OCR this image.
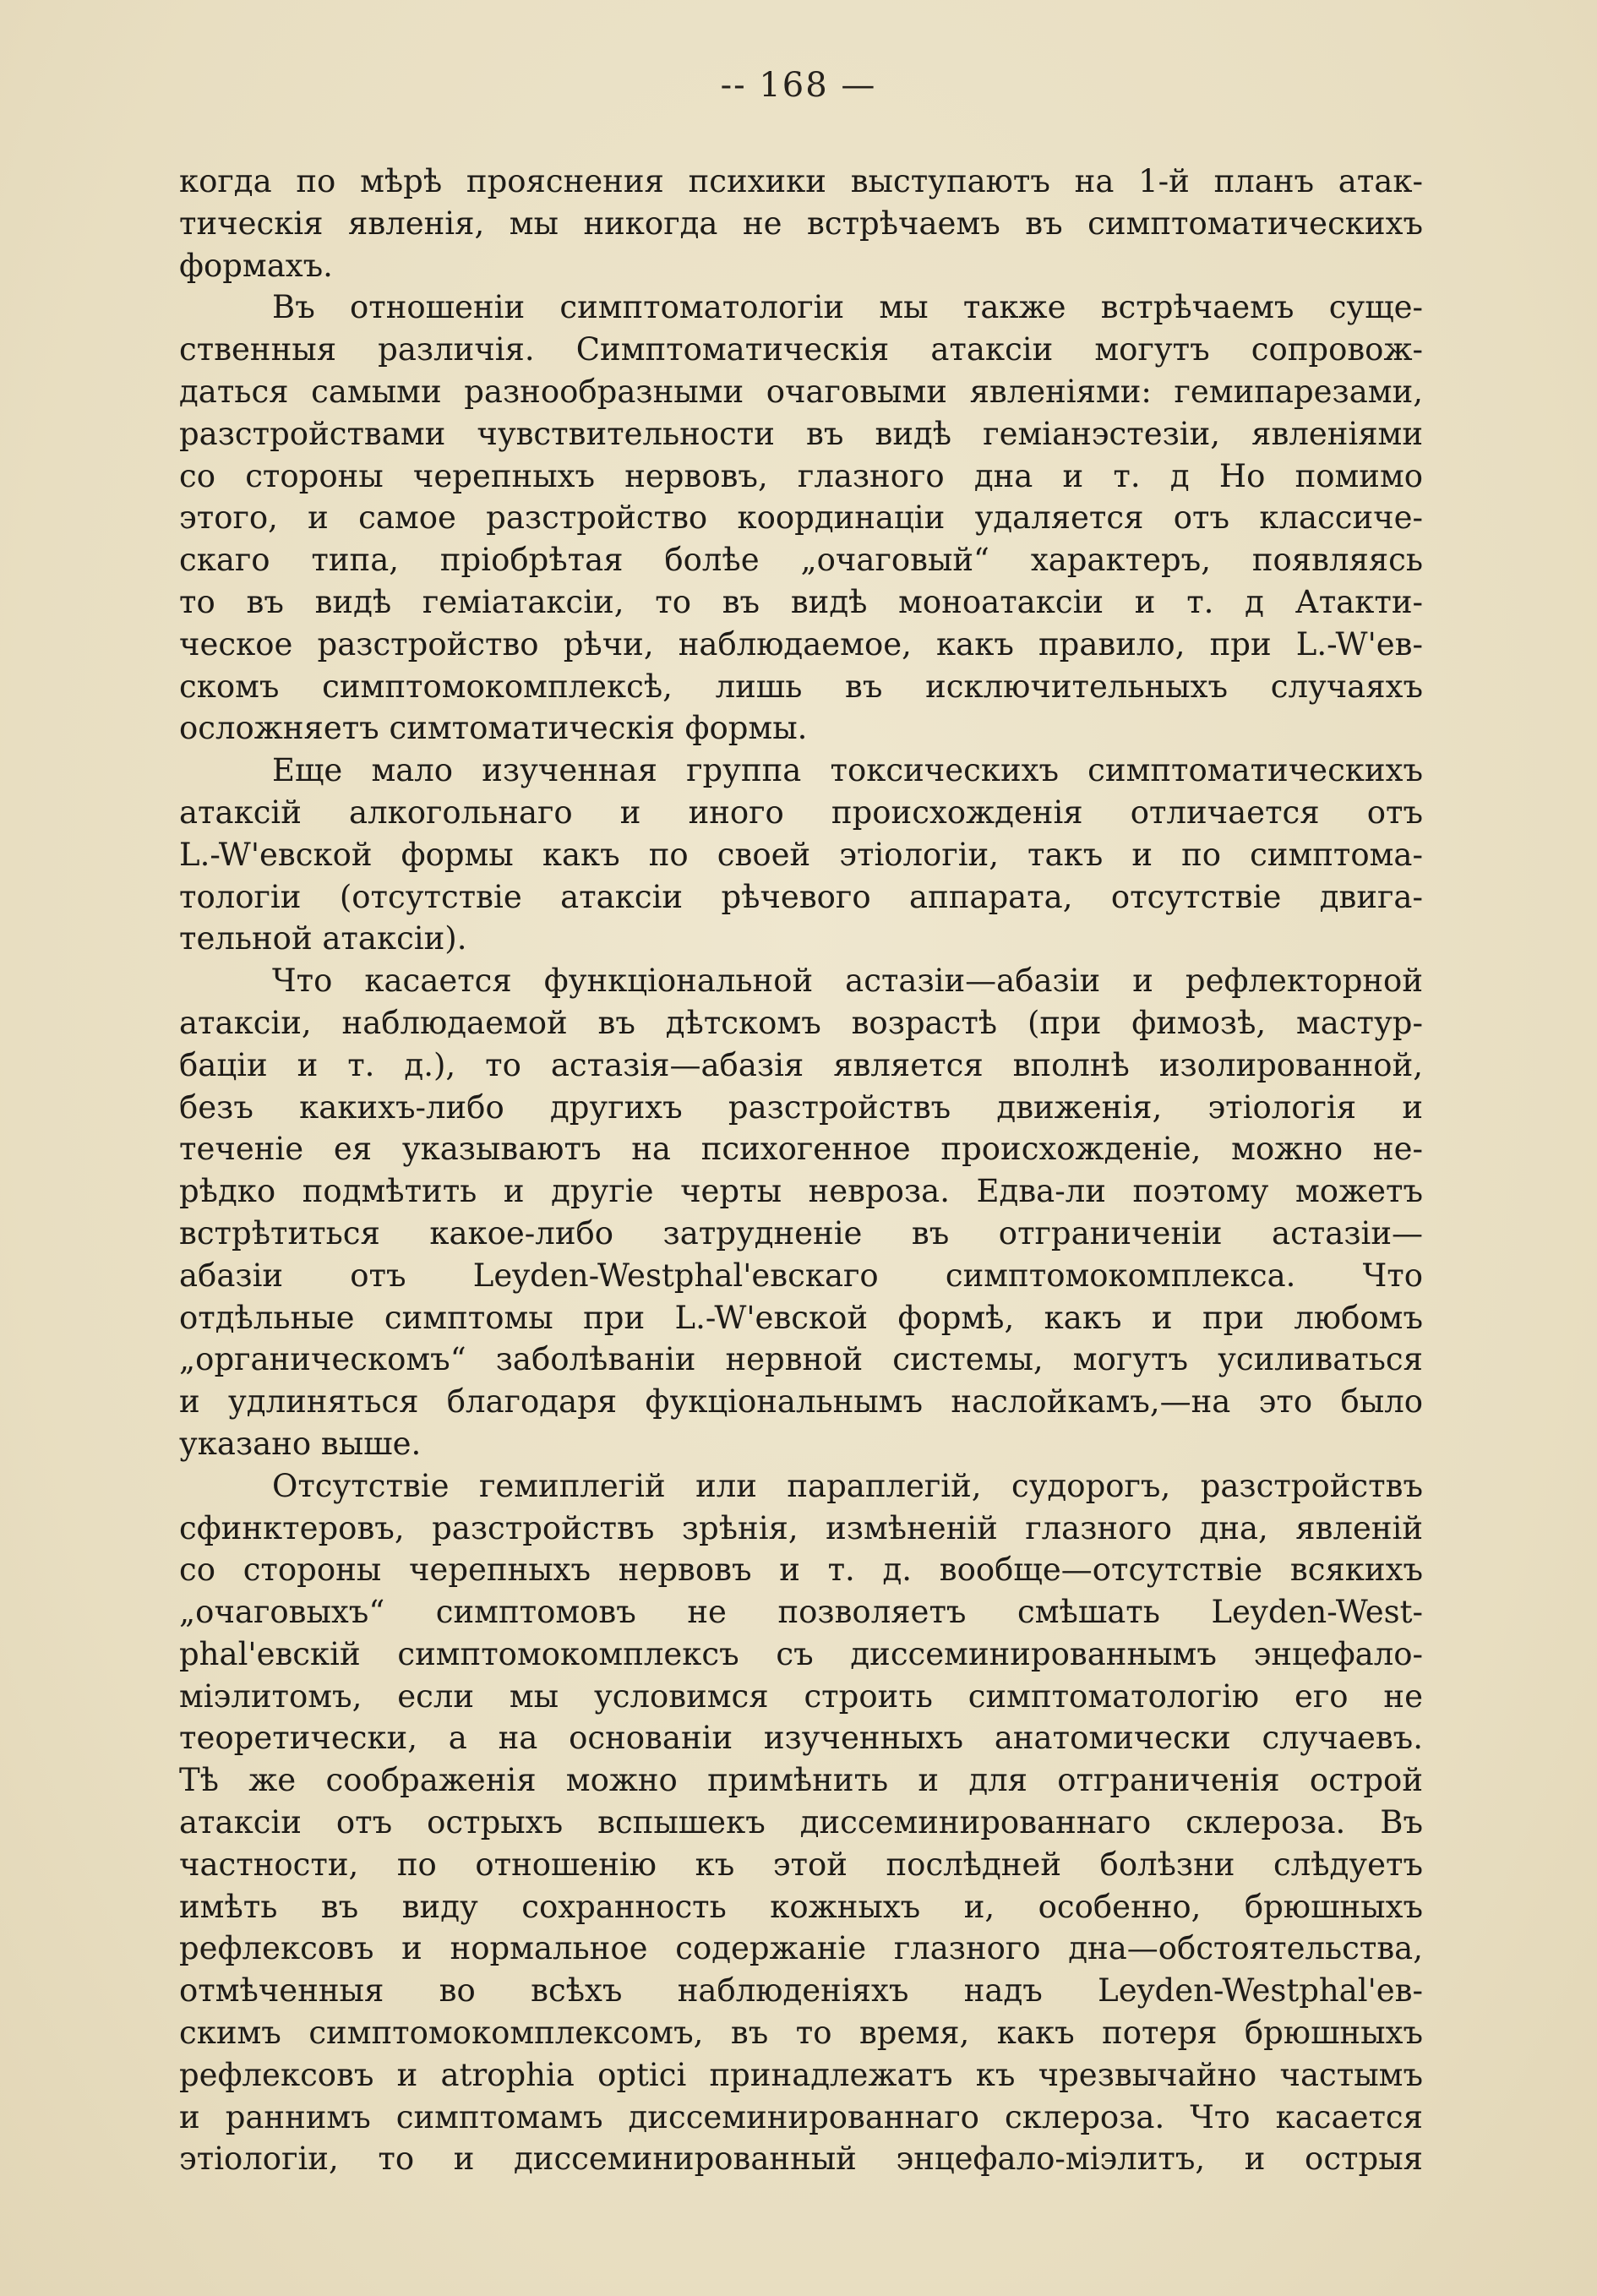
-- 168 —
когда по мѣрѣ прояснения психики выступаютъ на 1-й планъ атак-
тическія явленія, мы никогда не встрѣчаемъ въ симптоматическихъ
формахъ.
Въ отношеніи симптоматологіи мы также встрѣчаемъ суще-
ственныя различія. Симптоматическія атаксіи могутъ сопровож-
даться самыми разнообразными очаговыми явленіями: гемипарезами,
разстройствами чувствительности въ видѣ геміанэстезіи, явленіями
со стороны черепныхъ нервовъ, глазного дна и т. д Но помимо
этого, и самое разстройство координаціи удаляется отъ классиче-
скаго типа, пріобрѣтая болѣе „очаговый“ характеръ, появляясь
то въ видѣ геміатаксіи, то въ видѣ моноатаксіи и т. д Атакти-
ческое разстройство рѣчи, наблюдаемое, какъ правило, при L.-W'ев-
скомъ симптомокомплексѣ, лишь въ исключительныхъ случаяхъ
осложняетъ симтоматическія формы.
Еще мало изученная группа токсическихъ симптоматическихъ
атаксій алкогольнаго и иного происхожденія отличается отъ
L.-W'евской формы какъ по своей этіологіи, такъ и по симптома-
тологіи (отсутствіе атаксіи рѣчевого аппарата, отсутствіе двига-
тельной атаксіи).
Что касается функціональной астазіи—абазіи и рефлекторной
атаксіи, наблюдаемой въ дѣтскомъ возрастѣ (при фимозѣ, мастур-
баціи и т. д.), то астазія—абазія является вполнѣ изолированной,
безъ какихъ-либо другихъ разстройствъ движенія, этіологія и
теченіе ея указываютъ на психогенное происхожденіе, можно не-
рѣдко подмѣтить и другіе черты невроза. Едва-ли поэтому можетъ
встрѣтиться какое-либо затрудненіе въ отграниченіи астазіи—
абазіи отъ Leyden-Westphal'евскаго симптомокомплекса. Что
отдѣльные симптомы при L.-W'евской формѣ, какъ и при любомъ
„органическомъ“ заболѣваніи нервной системы, могутъ усиливаться
и удлиняться благодаря фукціональнымъ наслойкамъ,—на это было
указано выше.
Отсутствіе гемиплегій или параплегій, судорогъ, разстройствъ
сфинктеровъ, разстройствъ зрѣнія, измѣненій глазного дна, явленій
со стороны черепныхъ нервовъ и т. д. вообще—отсутствіе всякихъ
„очаговыхъ“ симптомовъ не позволяетъ смѣшать Leyden-West-
phal'евскій симптомокомплексъ съ диссеминированнымъ энцефало-
міэлитомъ, если мы условимся строить симптоматологію его не
теоретически, а на основаніи изученныхъ анатомически случаевъ.
Тѣ же соображенія можно примѣнить и для отграниченія острой
атаксіи отъ острыхъ вспышекъ диссеминированнаго склероза. Въ
частности, по отношенію къ этой послѣдней болѣзни слѣдуетъ
имѣть въ виду сохранность кожныхъ и, особенно, брюшныхъ
рефлексовъ и нормальное содержаніе глазного дна—обстоятельства,
отмѣченныя во всѣхъ наблюденіяхъ надъ Leyden-Westphal'ев-
скимъ симптомокомплексомъ, въ то время, какъ потеря брюшныхъ
рефлексовъ и atrophia optici принадлежатъ къ чрезвычайно частымъ
и раннимъ симптомамъ диссеминированнаго склероза. Что касается
этіологіи, то и диссеминированный энцефало-міэлитъ, и острыя
